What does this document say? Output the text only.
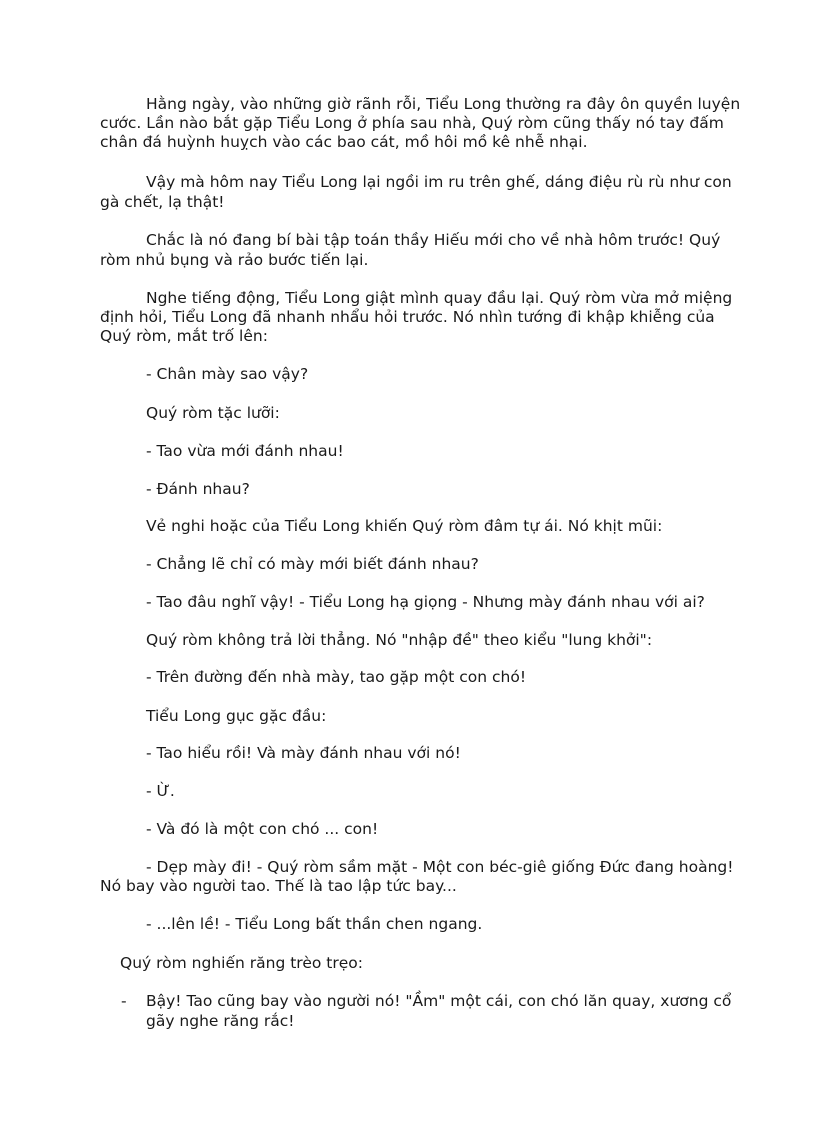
Hằng ngày, vào những giờ rãnh rỗi, Tiểu Long thường ra đây ôn quyền luyện
cước. Lần nào bắt gặp Tiểu Long ở phía sau nhà, Quý ròm cũng thấy nó tay đấm
chân đá huỳnh huỵch vào các bao cát, mồ hôi mồ kê nhễ nhại.
Vậy mà hôm nay Tiểu Long lại ngồi im ru trên ghế, dáng điệu rù rù như con
gà chết, lạ thật!
Chắc là nó đang bí bài tập toán thầy Hiếu mới cho về nhà hôm trước! Quý
ròm nhủ bụng và rảo bước tiến lại.
Nghe tiếng động, Tiểu Long giật mình quay đầu lại. Quý ròm vừa mở miệng
định hỏi, Tiểu Long đã nhanh nhẩu hỏi trước. Nó nhìn tướng đi khập khiễng của
Quý ròm, mắt trố lên:
- Chân mày sao vậy?
Quý ròm tặc lưỡi:
- Tao vừa mới đánh nhau!
- Đánh nhau?
Vẻ nghi hoặc của Tiểu Long khiến Quý ròm đâm tự ái. Nó khịt mũi:
- Chẳng lẽ chỉ có mày mới biết đánh nhau?
- Tao đâu nghĩ vậy! - Tiểu Long hạ giọng - Nhưng mày đánh nhau với ai?
Quý ròm không trả lời thẳng. Nó "nhập đề" theo kiểu "lung khởi":
- Trên đường đến nhà mày, tao gặp một con chó!
Tiểu Long gục gặc đầu:
- Tao hiểu rồi! Và mày đánh nhau với nó!
- Ừ.
- Và đó là một con chó ... con!
- Dẹp mày đi! - Quý ròm sầm mặt - Một con béc-giê giống Đức đang hoàng!
Nó bay vào người tao. Thế là tao lập tức bay...
- ...lên lề! - Tiểu Long bất thần chen ngang.
Quý ròm nghiến răng trèo trẹo:
- Bậy! Tao cũng bay vào người nó! "Ầm" một cái, con chó lăn quay, xương cổ
gãy nghe răng rắc!
